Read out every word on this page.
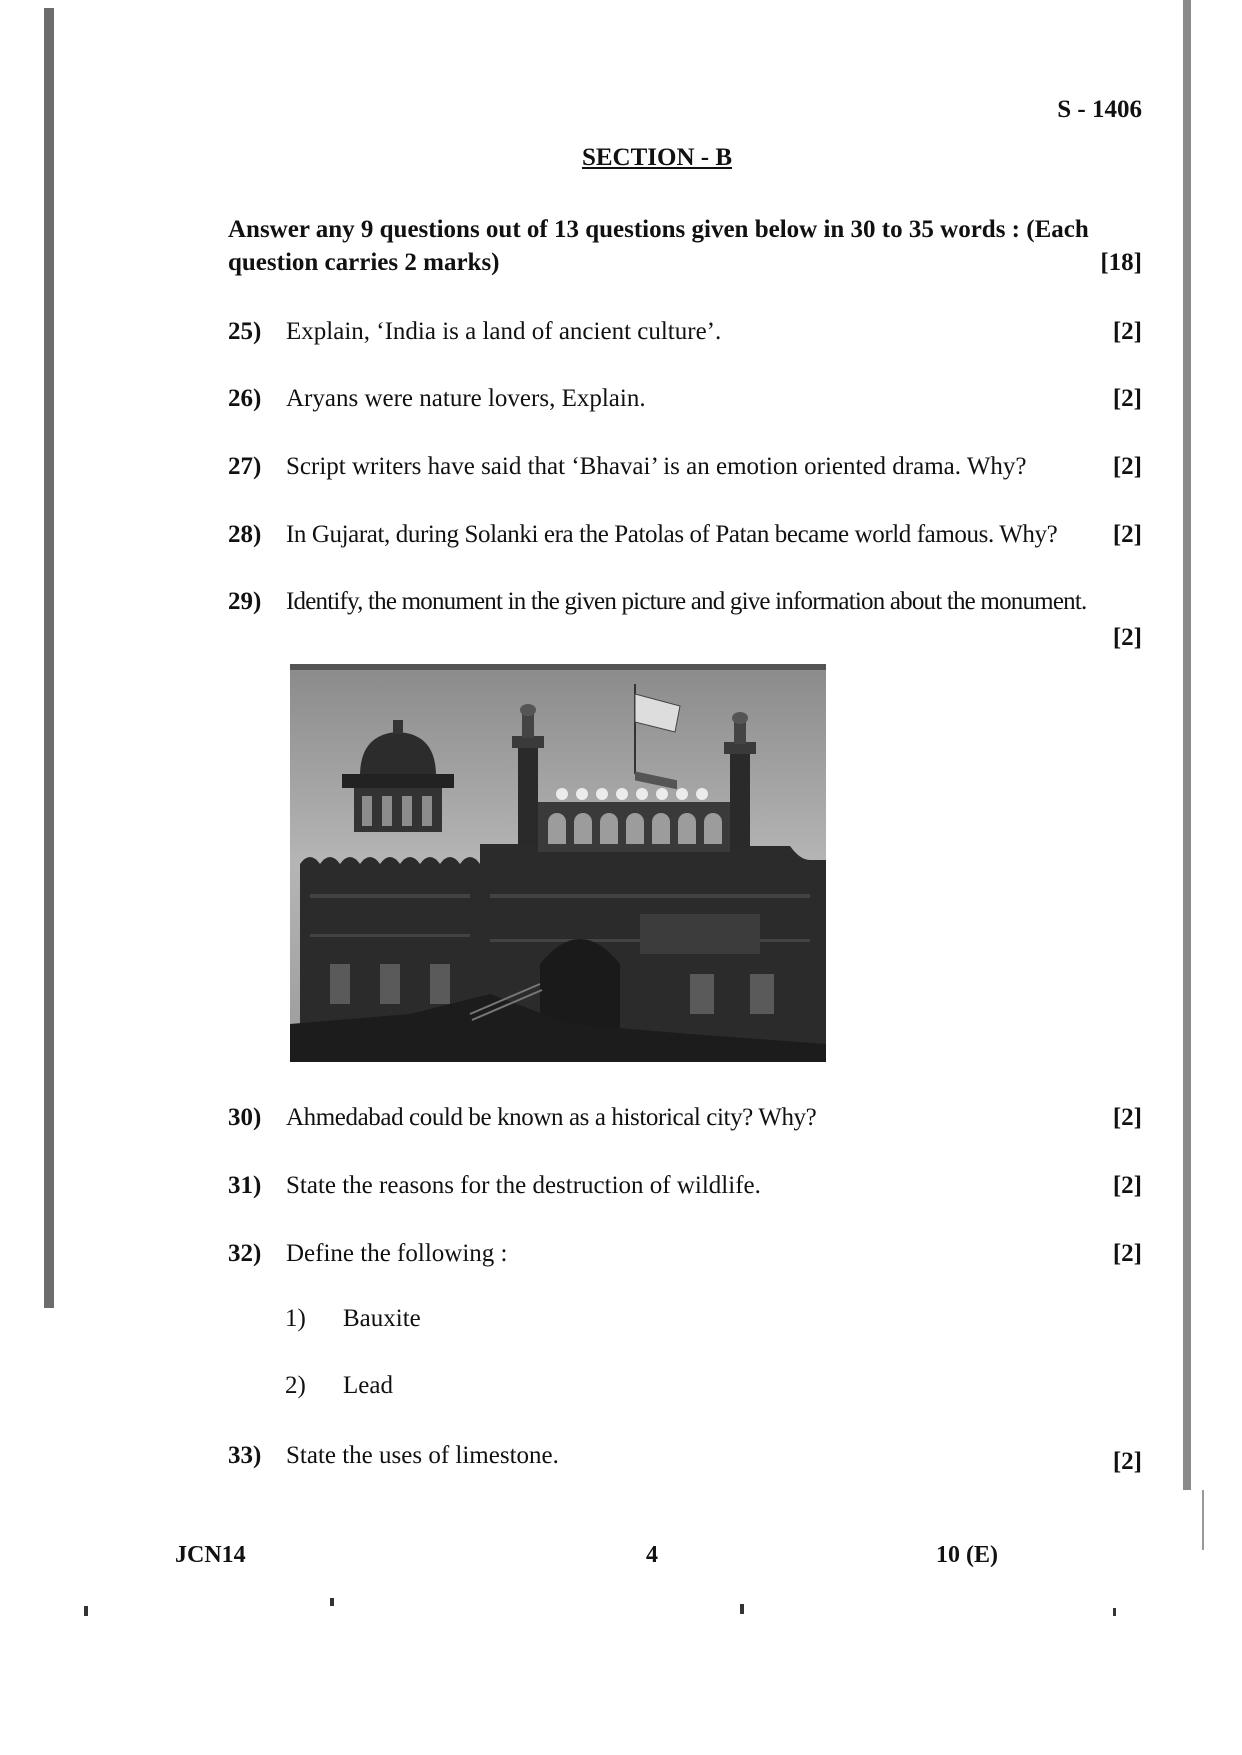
S - 1406
SECTION - B
Answer any 9 questions out of 13 questions given below in 30 to 35 words : (Each question carries 2 marks)	[18]
25) Explain, ‘India is a land of ancient culture’.	[2]
26) Aryans were nature lovers, Explain.	[2]
27) Script writers have said that ‘Bhavai’ is an emotion oriented drama. Why?	[2]
28) In Gujarat, during Solanki era the Patolas of Patan became world famous. Why? [2]
29) Identify, the monument in the given picture and give information about the monument.
[2]
30) Ahmedabad could be known as a historical city? Why?	[2]
31) State the reasons for the destruction of wildlife.	[2]
32) Define the following :	[2]
1) Bauxite
2) Lead
33) State the uses of limestone.	[2]
JCN14	4	10 (E)
